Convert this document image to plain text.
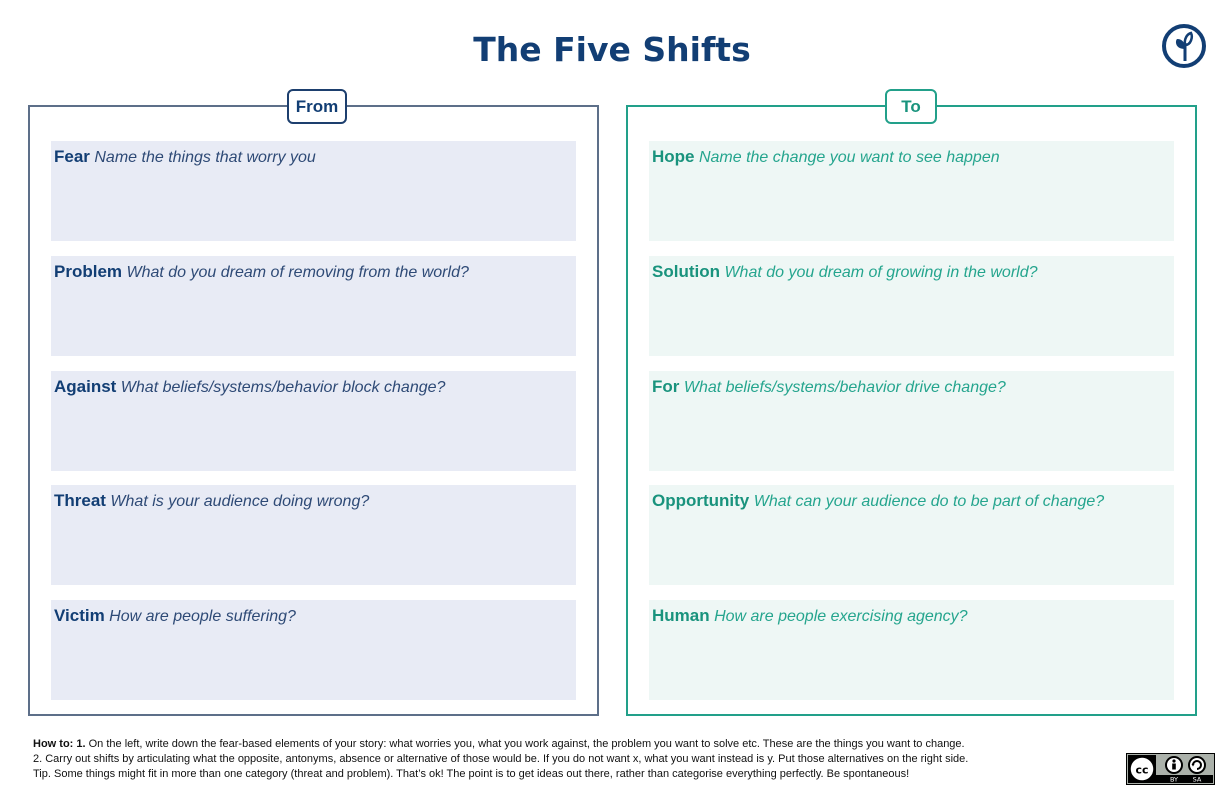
The Five Shifts
From	To
Fear Name the things that worry you
Problem What do you dream of removing from the world?
Against What beliefs/systems/behavior block change?
Threat What is your audience doing wrong?
Victim How are people suffering?
Hope Name the change you want to see happen
Solution What do you dream of growing in the world?
For What beliefs/systems/behavior drive change?
Opportunity What can your audience do to be part of change?
Human How are people exercising agency?
How to: 1. On the left, write down the fear-based elements of your story: what worries you, what you work against, the problem you want to solve etc. These are the things you want to change.
2. Carry out shifts by articulating what the opposite, antonyms, absence or alternative of those would be. If you do not want x, what you want instead is y. Put those alternatives on the right side.
Tip. Some things might fit in more than one category (threat and problem). That’s ok! The point is to get ideas out there, rather than categorise everything perfectly. Be spontaneous!	cc
BY SA
